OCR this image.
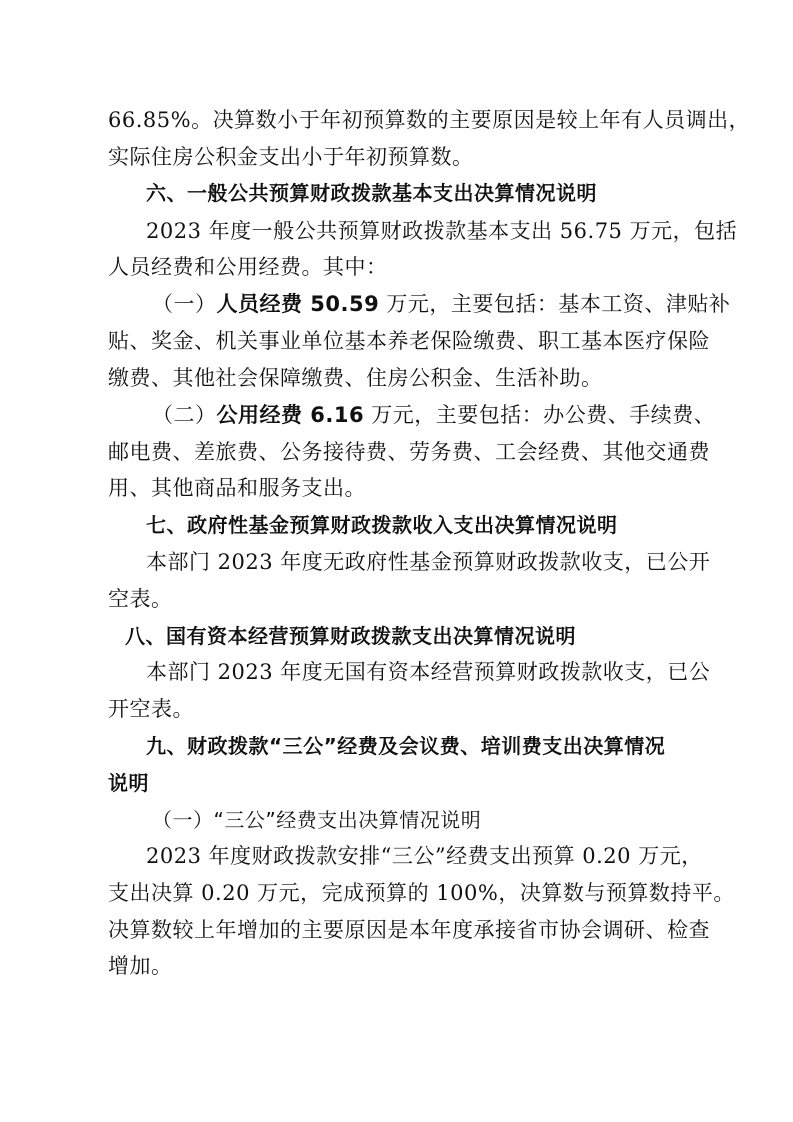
66.85%。决算数小于年初预算数的主要原因是较上年有人员调出，
实际住房公积金支出小于年初预算数。
六、一般公共预算财政拨款基本支出决算情况说明
2023 年度一般公共预算财政拨款基本支出 56.75 万元，包括
人员经费和公用经费。其中：
（一）人员经费 50.59 万元，主要包括：基本工资、津贴补
贴、奖金、机关事业单位基本养老保险缴费、职工基本医疗保险
缴费、其他社会保障缴费、住房公积金、生活补助。
（二）公用经费 6.16 万元，主要包括：办公费、手续费、
邮电费、差旅费、公务接待费、劳务费、工会经费、其他交通费
用、其他商品和服务支出。
七、政府性基金预算财政拨款收入支出决算情况说明
本部门 2023 年度无政府性基金预算财政拨款收支，已公开
空表。
八、国有资本经营预算财政拨款支出决算情况说明
本部门 2023 年度无国有资本经营预算财政拨款收支，已公
开空表。
九、财政拨款“三公”经费及会议费、培训费支出决算情况
说明
（一）“三公”经费支出决算情况说明
2023 年度财政拨款安排“三公”经费支出预算 0.20 万元，
支出决算 0.20 万元，完成预算的 100%，决算数与预算数持平。
决算数较上年增加的主要原因是本年度承接省市协会调研、检查
增加。
